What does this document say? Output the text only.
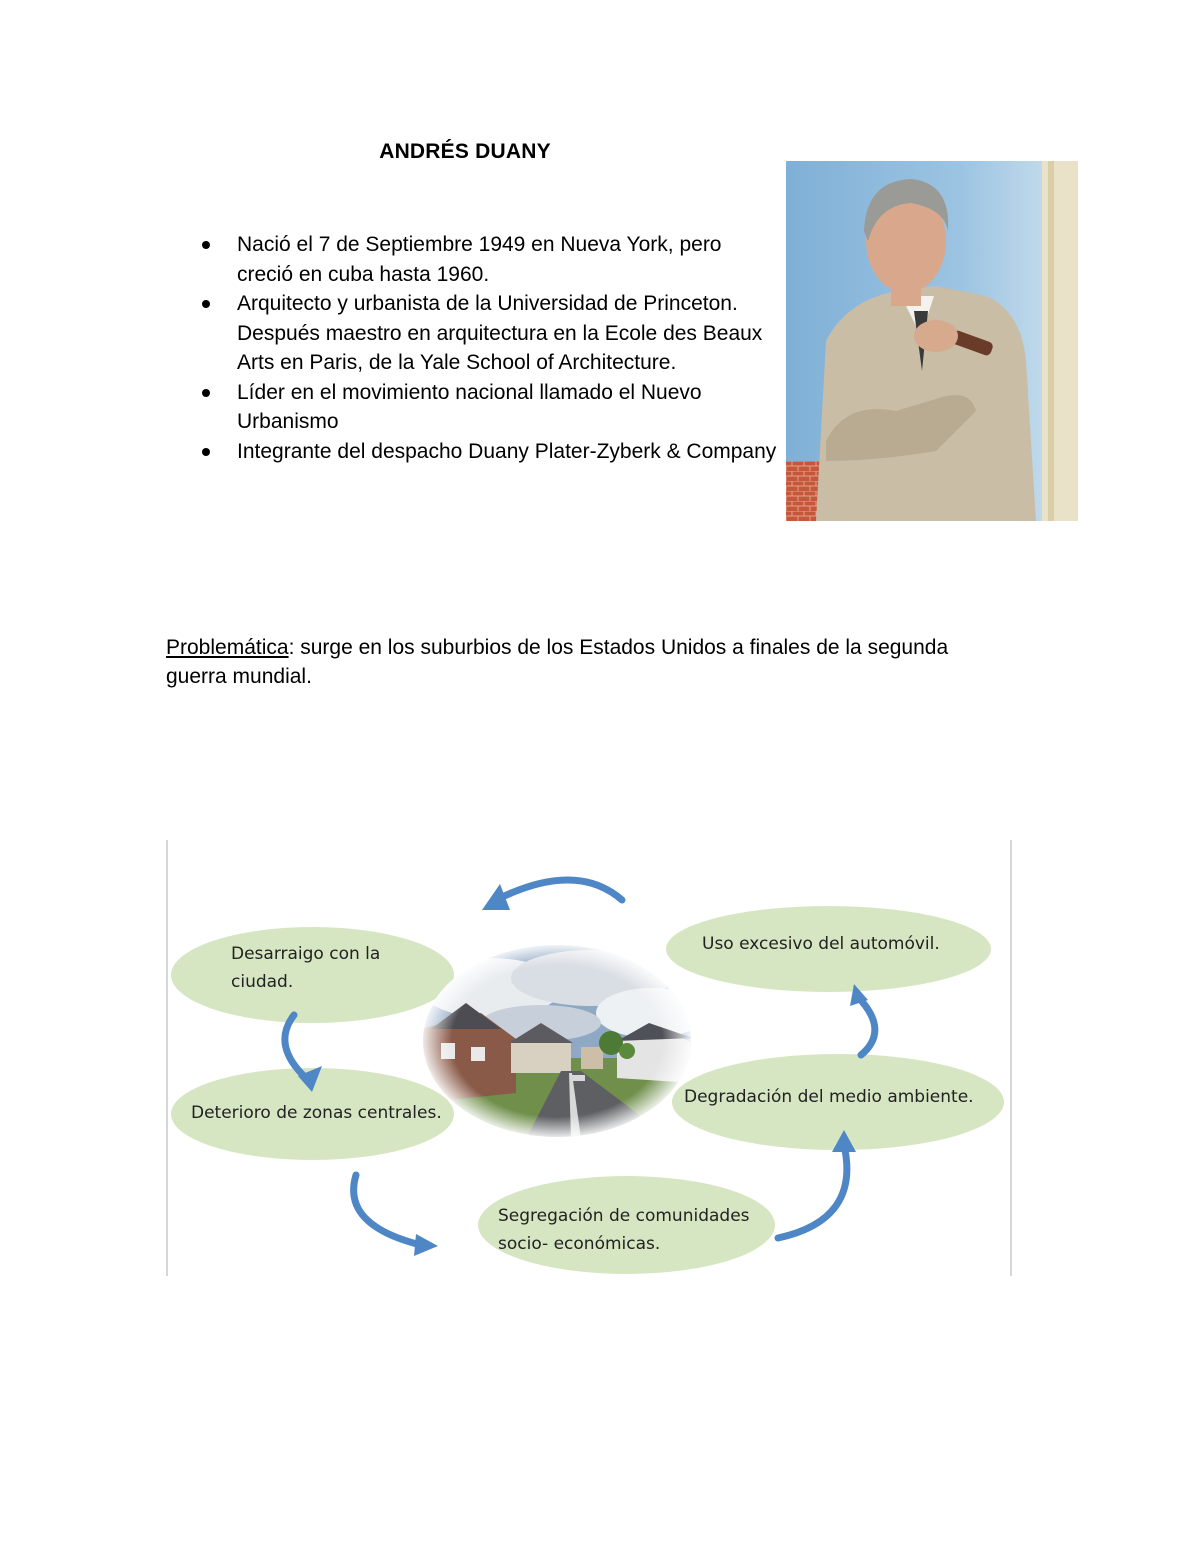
ANDRÉS DUANY
Nació el 7 de Septiembre 1949 en Nueva York, pero creció en cuba hasta 1960.
Arquitecto y urbanista de la Universidad de Princeton. Después maestro en arquitectura en la Ecole des Beaux Arts en Paris, de la Yale School of Architecture.
Líder en el movimiento nacional llamado el Nuevo Urbanismo
Integrante del despacho Duany Plater-Zyberk & Company
Problemática: surge en los suburbios de los Estados Unidos a finales de la segunda guerra mundial.
Desarraigo con la ciudad.
Deterioro de zonas centrales.
Segregación de comunidades socio- económicas.
Degradación del medio ambiente.
Uso excesivo del automóvil.
